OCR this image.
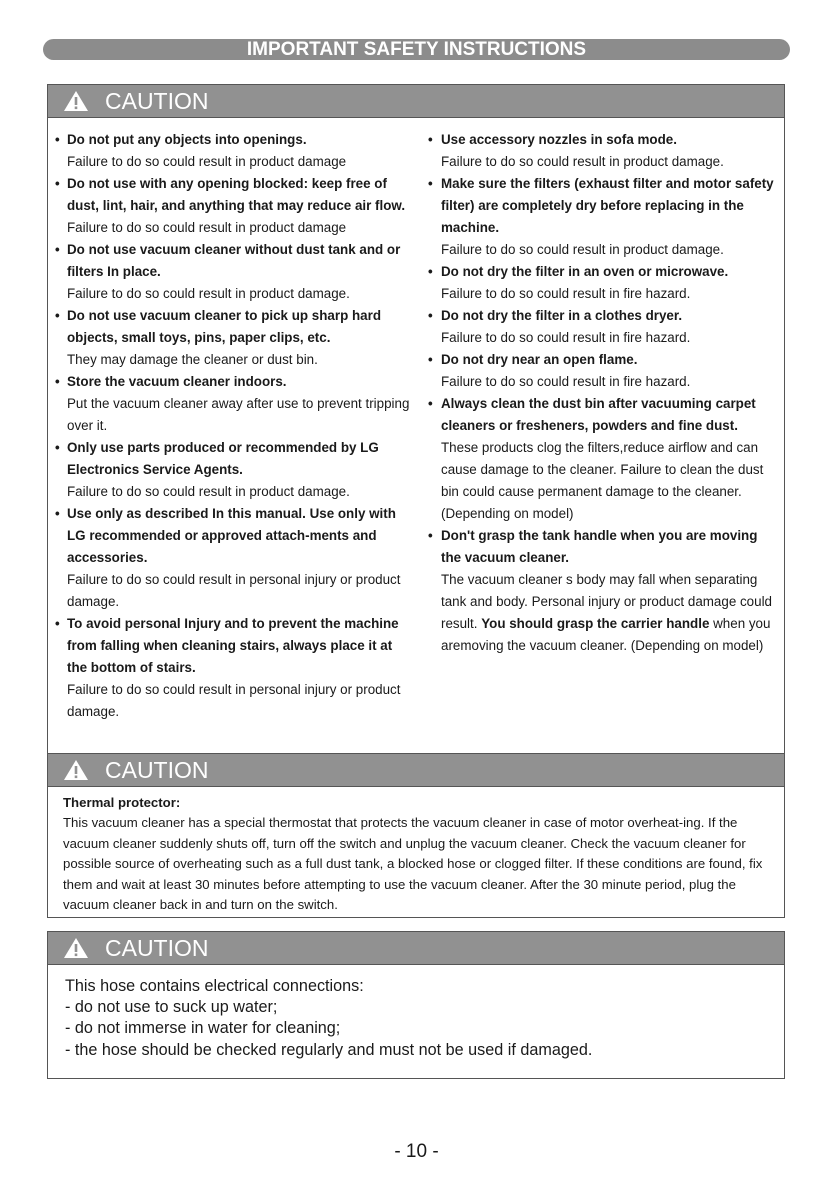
IMPORTANT SAFETY INSTRUCTIONS
CAUTION
• Do not put any objects into openings.
Failure to do so could result in product damage
• Do not use with any opening blocked: keep free of dust, lint, hair, and anything that may reduce air flow.
Failure to do so could result in product damage
• Do not use vacuum cleaner without dust tank and or filters In place.
Failure to do so could result in product damage.
• Do not use vacuum cleaner to pick up sharp hard objects, small toys, pins, paper clips, etc.
They may damage the cleaner or dust bin.
• Store the vacuum cleaner indoors.
Put the vacuum cleaner away after use to prevent tripping over it.
• Only use parts produced or recommended by LG Electronics Service Agents.
Failure to do so could result in product damage.
• Use only as described In this manual. Use only with LG recommended or approved attach-ments and accessories.
Failure to do so could result in personal injury or product damage.
• To avoid personal Injury and to prevent the machine from falling when cleaning stairs, always place it at the bottom of stairs.
Failure to do so could result in personal injury or product damage.
• Use accessory nozzles in sofa mode.
Failure to do so could result in product damage.
• Make sure the filters (exhaust filter and motor safety filter) are completely dry before replacing in the machine.
Failure to do so could result in product damage.
• Do not dry the filter in an oven or microwave.
Failure to do so could result in fire hazard.
• Do not dry the filter in a clothes dryer.
Failure to do so could result in fire hazard.
• Do not dry near an open flame.
Failure to do so could result in fire hazard.
• Always clean the dust bin after vacuuming carpet cleaners or fresheners, powders and fine dust.
These products clog the filters,reduce airflow and can cause damage to the cleaner. Failure to clean the dust bin could cause permanent damage to the cleaner. (Depending on model)
• Don't grasp the tank handle when you are moving the vacuum cleaner.
The vacuum cleaner s body may fall when separating tank and body. Personal injury or product damage could result. You should grasp the carrier handle when you aremoving the vacuum cleaner. (Depending on model)
CAUTION
Thermal protector:
This vacuum cleaner has a special thermostat that protects the vacuum cleaner in case of motor overheat-ing. If the vacuum cleaner suddenly shuts off, turn off the switch and unplug the vacuum cleaner. Check the vacuum cleaner for possible source of overheating such as a full dust tank, a blocked hose or clogged filter. If these conditions are found, fix them and wait at least 30 minutes before attempting to use the vacuum cleaner. After the 30 minute period, plug the vacuum cleaner back in and turn on the switch.
CAUTION
This hose contains electrical connections:
- do not use to suck up water;
- do not immerse in water for cleaning;
- the hose should be checked regularly and must not be used if damaged.
- 10 -
